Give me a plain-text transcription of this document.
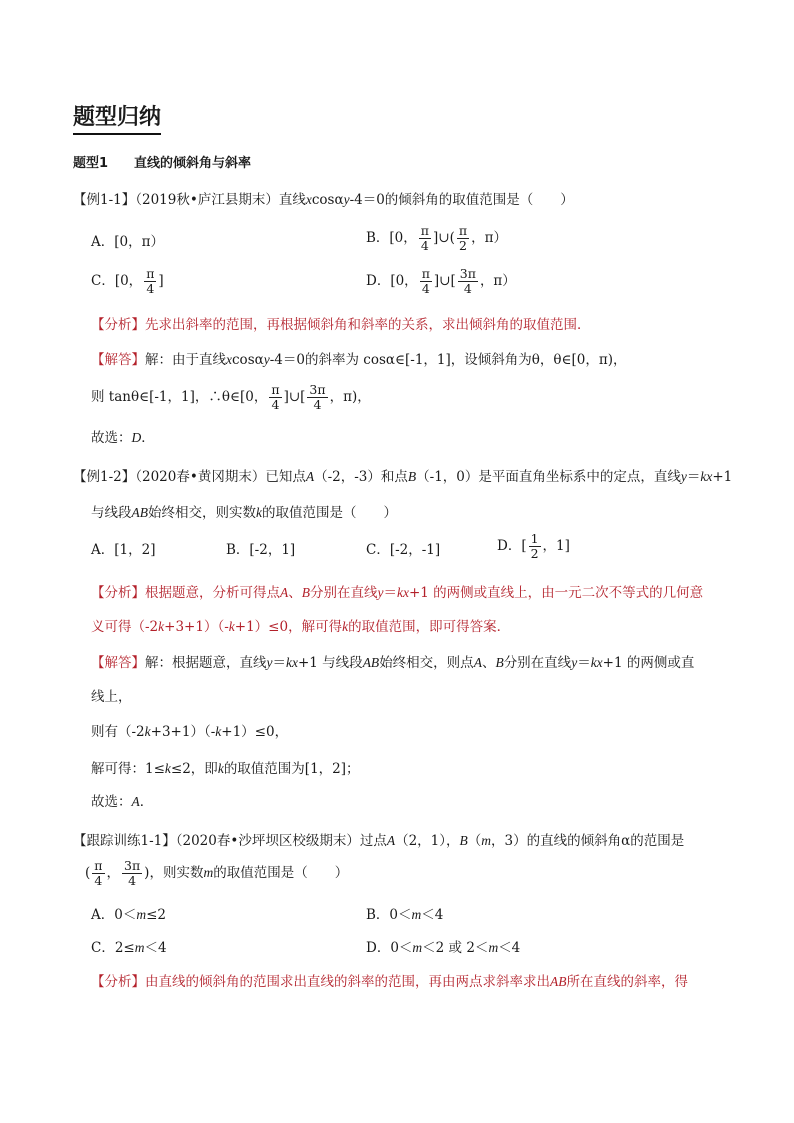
题型归纳
题型1 直线的倾斜角与斜率
【例1-1】（2019秋•庐江县期末）直线xcosαy-4＝0的倾斜角的取值范围是（　　）
A．[0，π）	B．[0， $\frac{\pi}{4}$ ]∪( $\frac{\pi}{2}$ ，π）
C．[0， $\frac{\pi}{4}$ ]	D．[0， $\frac{\pi}{4}$ ]∪[ $\frac{3\pi}{4}$ ，π）
【分析】先求出斜率的范围，再根据倾斜角和斜率的关系，求出倾斜角的取值范围．
【解答】解：由于直线xcosαy-4＝0的斜率为 cosα∈[-1，1]，设倾斜角为θ，θ∈[0，π)，
则 tanθ∈[-1，1]，∴θ∈[0， $\frac{\pi}{4}$ ]∪[ $\frac{3\pi}{4}$ ，π)，
故选：D．
【例1-2】（2020春•黄冈期末）已知点A（-2，-3）和点B（-1，0）是平面直角坐标系中的定点，直线y＝kx+1
与线段AB始终相交，则实数k的取值范围是（　　）
A．[1，2]	B．[-2，1]	C．[-2，-1]	D．[ $\frac{1}{2}$ ，1]
【分析】根据题意，分析可得点A、B分别在直线y＝kx+1 的两侧或直线上，由一元二次不等式的几何意
义可得（-2k+3+1）（-k+1）≤0，解可得k的取值范围，即可得答案．
【解答】解：根据题意，直线y＝kx+1 与线段AB始终相交，则点A、B分别在直线y＝kx+1 的两侧或直
线上，
则有（-2k+3+1）（-k+1）≤0，
解可得：1≤k≤2，即k的取值范围为[1，2]；
故选：A．
【跟踪训练1-1】（2020春•沙坪坝区校级期末）过点A（2，1），B（m，3）的直线的倾斜角α的范围是
( $\frac{\pi}{4}$ ， $\frac{3\pi}{4}$ )，则实数m的取值范围是（　　）
A．0＜m≤2	B．0＜m＜4
C．2≤m＜4	D．0＜m＜2 或 2＜m＜4
【分析】由直线的倾斜角的范围求出直线的斜率的范围，再由两点求斜率求出AB所在直线的斜率，得
